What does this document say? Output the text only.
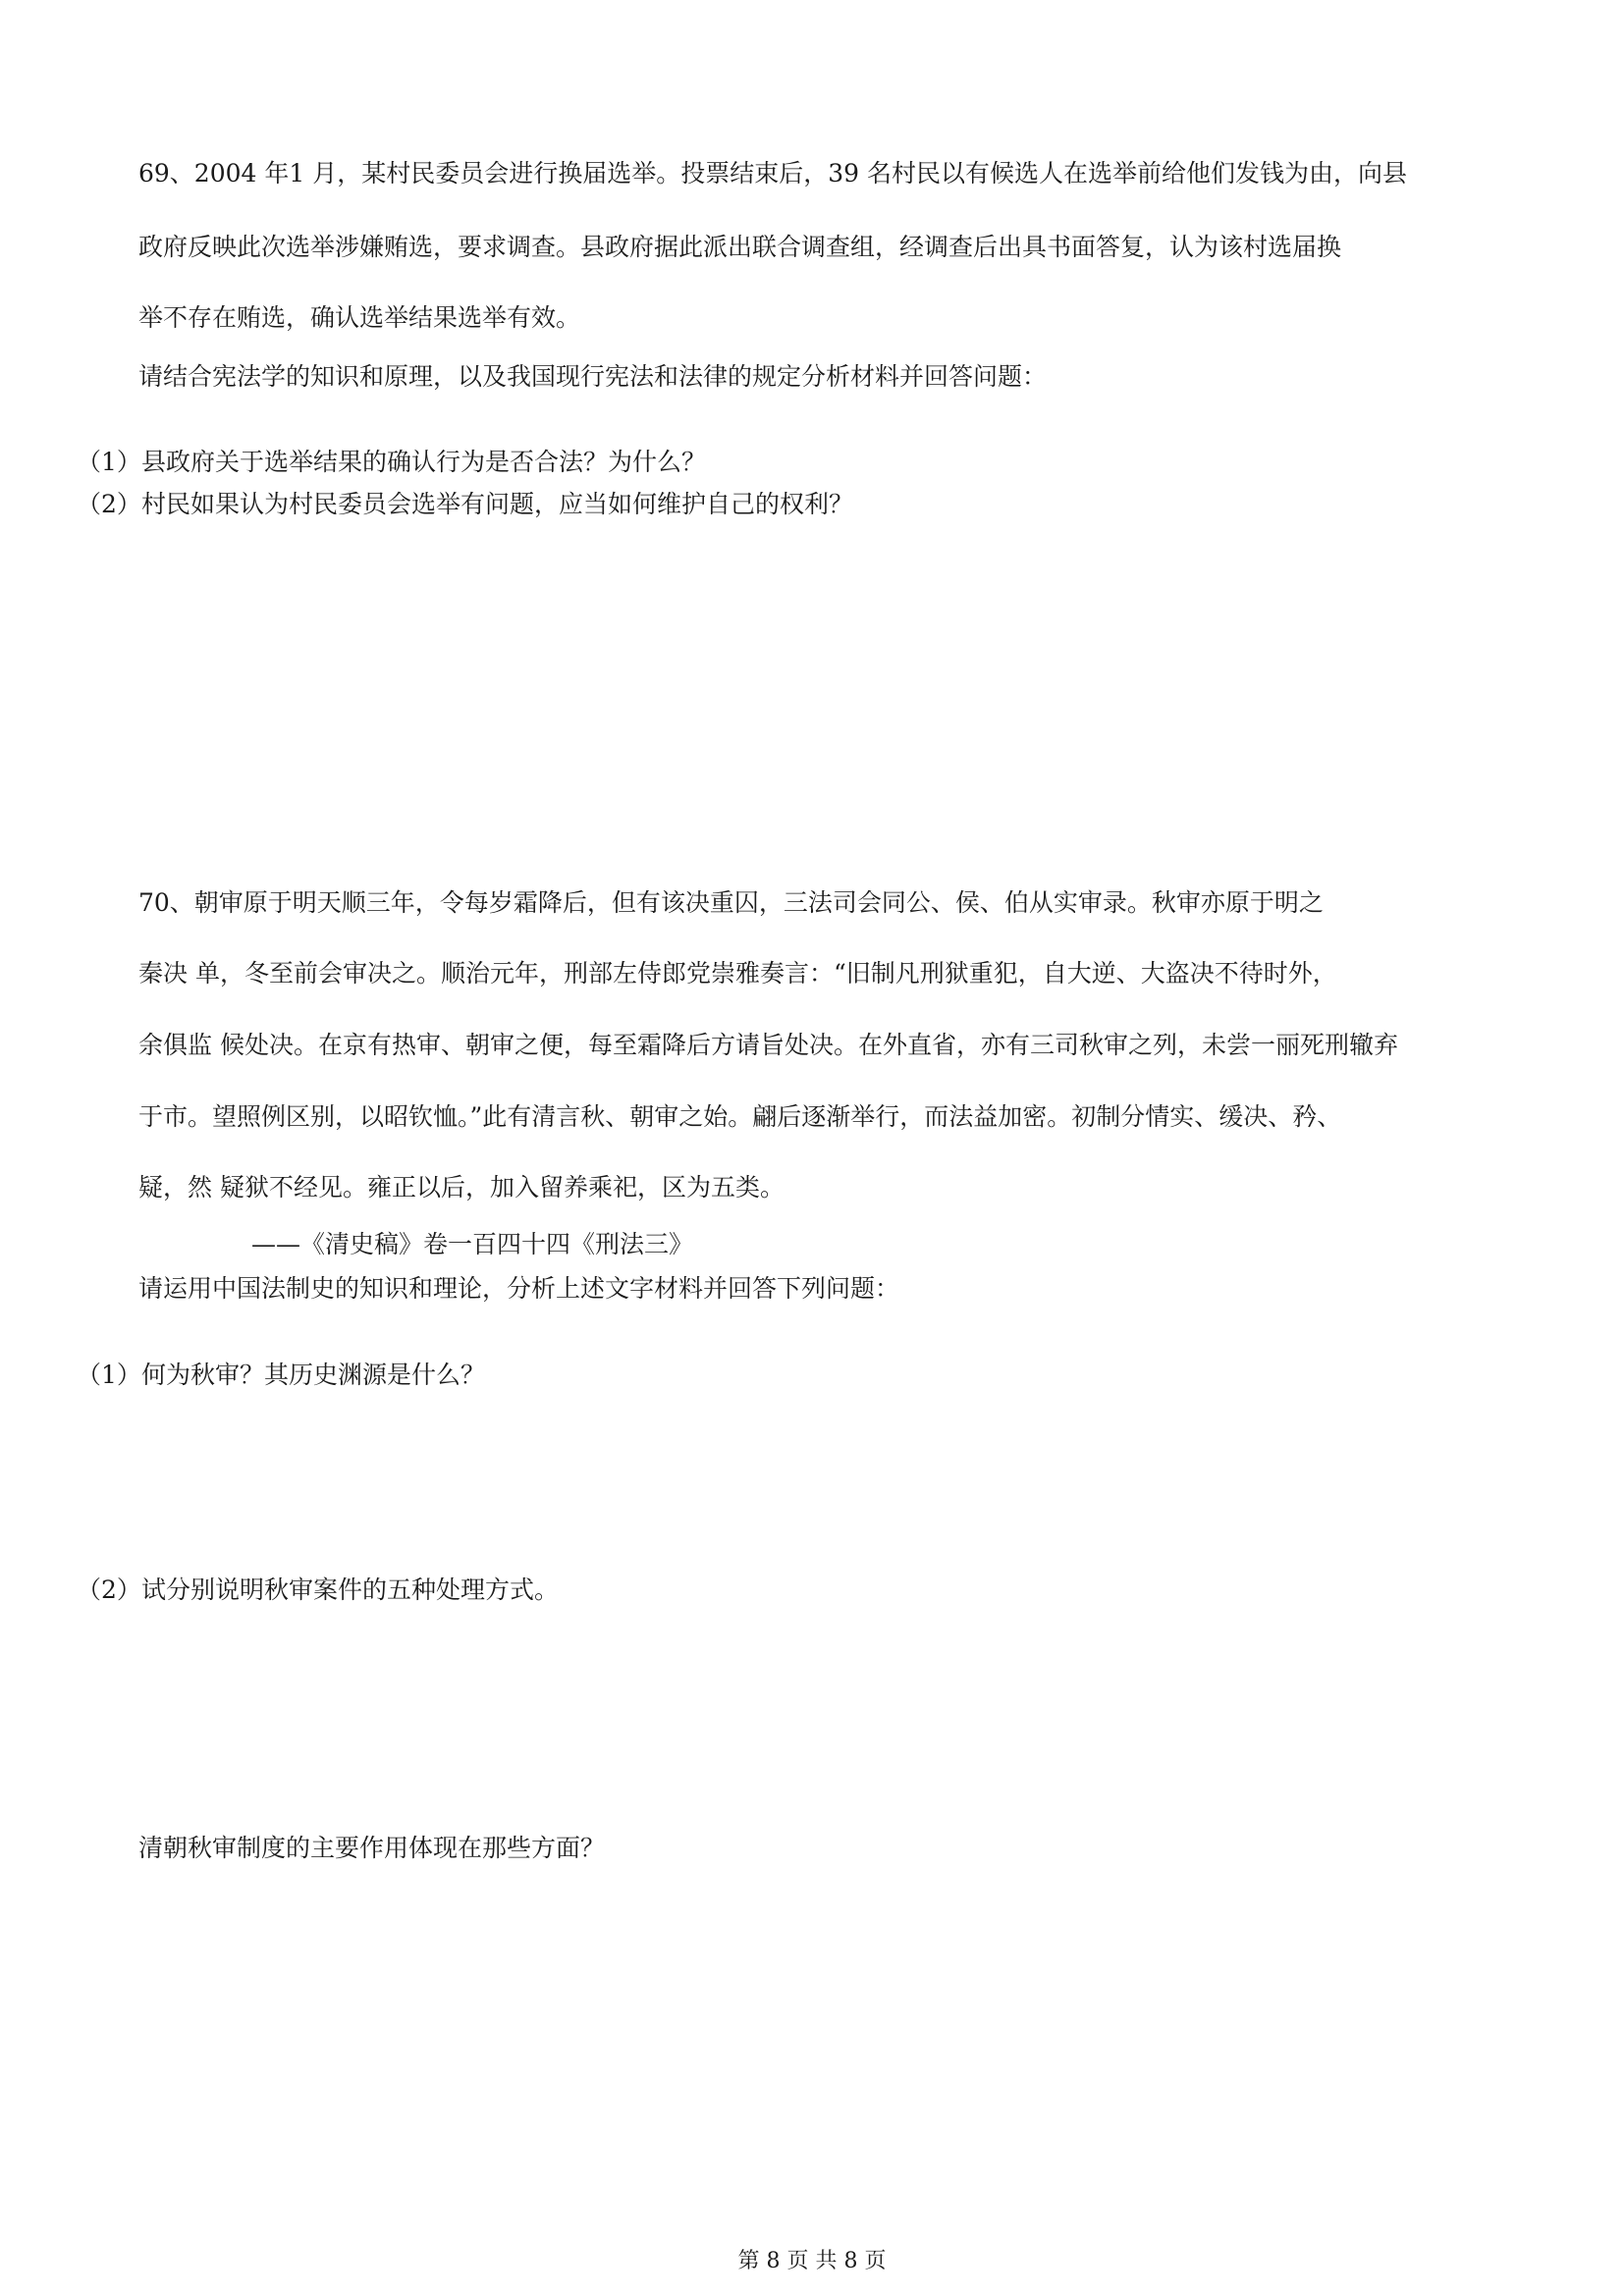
69、2004 年1 月，某村民委员会进行换届选举。投票结束后，39 名村民以有候选人在选举前给他们发钱为由，向县
政府反映此次选举涉嫌贿选，要求调查。县政府据此派出联合调查组，经调查后出具书面答复，认为该村选届换
举不存在贿选，确认选举结果选举有效。
请结合宪法学的知识和原理，以及我国现行宪法和法律的规定分析材料并回答问题：
（1）县政府关于选举结果的确认行为是否合法？为什么？
（2）村民如果认为村民委员会选举有问题，应当如何维护自己的权利？
70、朝审原于明天顺三年，令每岁霜降后，但有该决重囚，三法司会同公、侯、伯从实审录。秋审亦原于明之
秦决 单，冬至前会审决之。顺治元年，刑部左侍郎党崇雅奏言：“旧制凡刑狱重犯，自大逆、大盗决不待时外，
余俱监 候处决。在京有热审、朝审之便，每至霜降后方请旨处决。在外直省，亦有三司秋审之列，未尝一丽死刑辙弃
于市。望照例区别，以昭钦恤。”此有清言秋、朝审之始。翩后逐渐举行，而法益加密。初制分情实、缓决、矜、
疑，然 疑狱不经见。雍正以后，加入留养乘祀，区为五类。
——《清史稿》卷一百四十四《刑法三》
请运用中国法制史的知识和理论，分析上述文字材料并回答下列问题：
（1）何为秋审？其历史渊源是什么？
（2）试分别说明秋审案件的五种处理方式。
清朝秋审制度的主要作用体现在那些方面？
第 8 页 共 8 页
